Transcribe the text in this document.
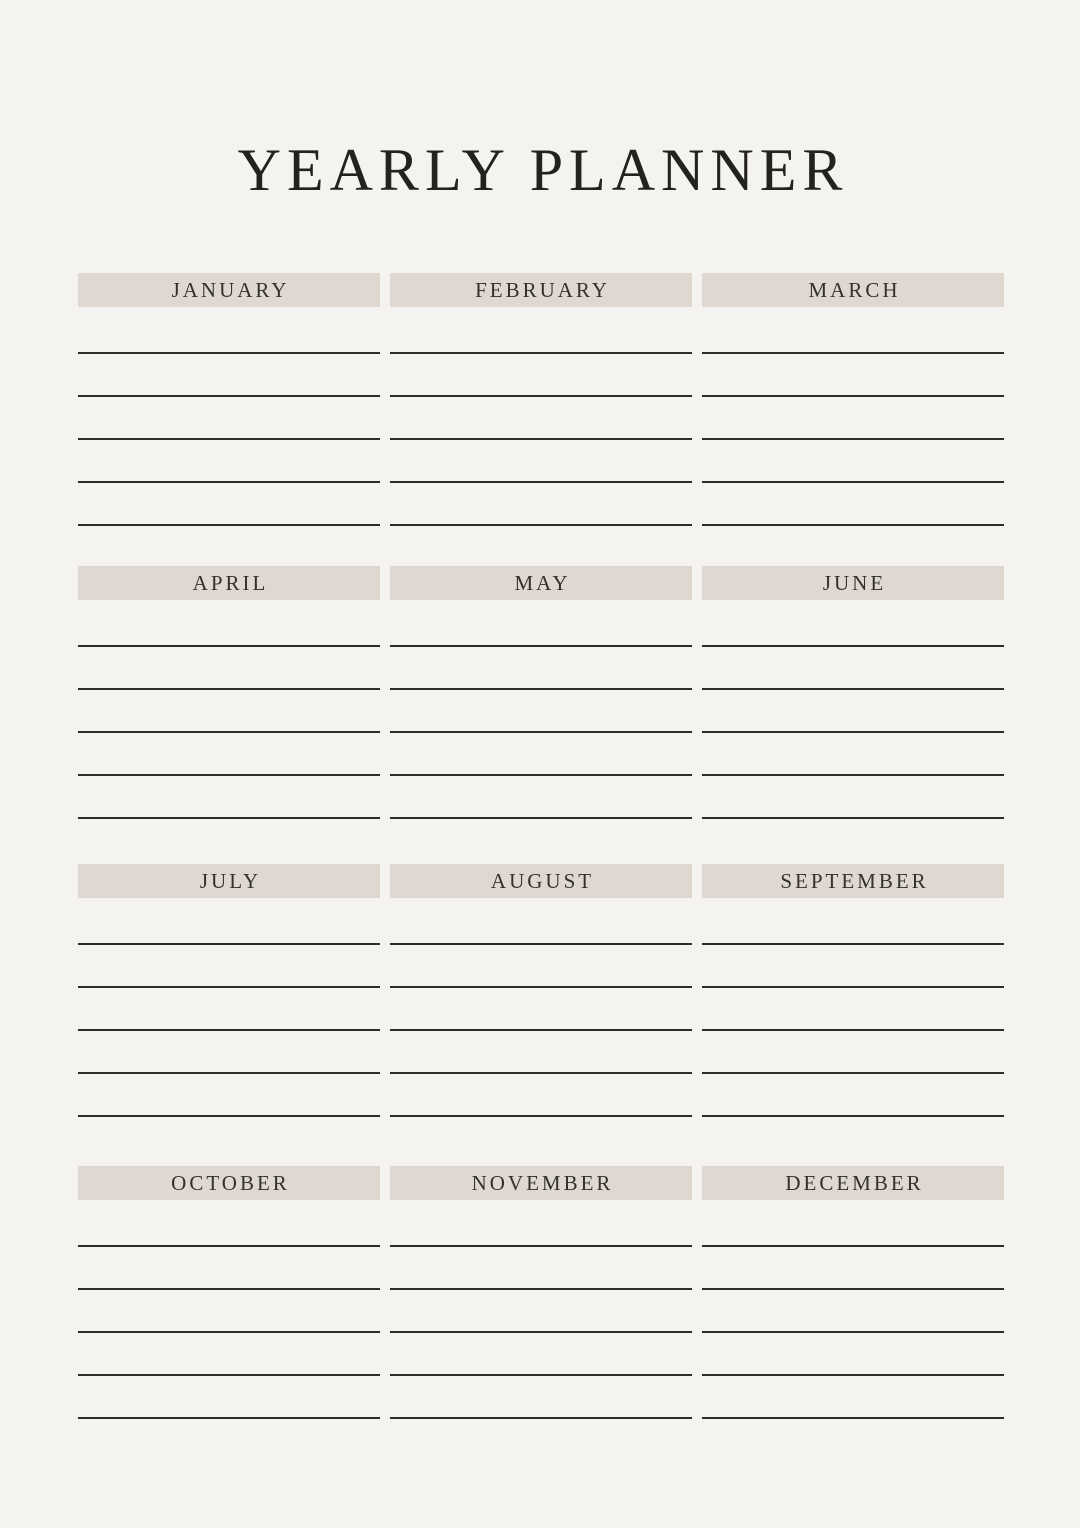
YEARLY PLANNER
JANUARY	FEBRUARY	MARCH
APRIL	MAY	JUNE
JULY	AUGUST	SEPTEMBER
OCTOBER	NOVEMBER	DECEMBER
